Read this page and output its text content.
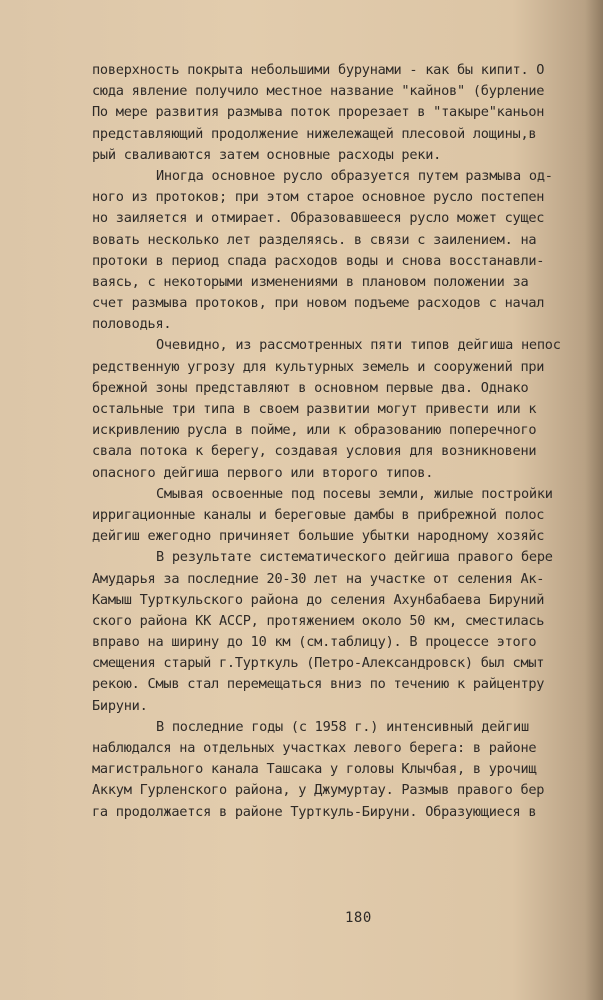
поверхность покрыта небольшими бурунами - как бы кипит. О
сюда явление получило местное название "кайнов" (бурление
По мере развития размыва поток прорезает в "такыре"каньон
представляющий продолжение нижележащей плесовой лощины,в
рый сваливаются затем основные расходы реки.
Иногда основное русло образуется путем размыва од-
ного из протоков; при этом старое основное русло постепен
но заиляется и отмирает. Образовавшееся русло может сущес
вовать несколько лет разделяясь. в связи с заилением. на
протоки в период спада расходов воды и снова восстанавли-
ваясь, с некоторыми изменениями в плановом положении за
счет размыва протоков, при новом подъеме расходов с начал
половодья.
Очевидно, из рассмотренных пяти типов дейгиша непос
редственную угрозу для культурных земель и сооружений при
брежной зоны представляют в основном первые два. Однако
остальные три типа в своем развитии могут привести или к
искривлению русла в пойме, или к образованию поперечного
свала потока к берегу, создавая условия для возникновени
опасного дейгиша первого или второго типов.
Смывая освоенные под посевы земли, жилые постройки
ирригационные каналы и береговые дамбы в прибрежной полос
дейгиш ежегодно причиняет большие убытки народному хозяйс
В результате систематического дейгиша правого бере
Амударья за последние 20-30 лет на участке от селения Ак-
Камыш Турткульского района до селения Ахунбабаева Бируний
ского района КК АССР, протяжением около 50 км, сместилась
вправо на ширину до 10 км (см.таблицу). В процессе этого
смещения старый г.Турткуль (Петро-Александровск) был смыт
рекою. Смыв стал перемещаться вниз по течению к райцентру
Бируни.
В последние годы (с 1958 г.) интенсивный дейгиш
наблюдался на отдельных участках левого берега: в районе
магистрального канала Ташсака у головы Клычбая, в урочищ
Аккум Гурленского района, у Джумуртау. Размыв правого бер
га продолжается в районе Турткуль-Бируни. Образующиеся в
180
